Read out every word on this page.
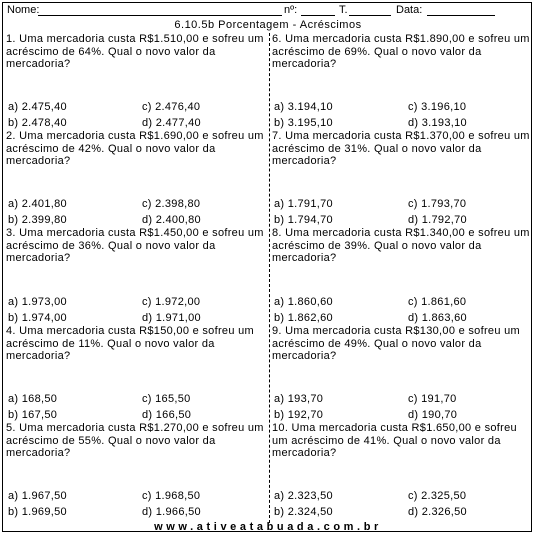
Nome:	nº:	T.	Data:
6.10.5b Porcentagem - Acréscimos
1. Uma mercadoria custa R$1.510,00 e sofreu um acréscimo de 64%. Qual o novo valor da mercadoria?
a) 2.475,40
b) 2.478,40
c) 2.476,40
d) 2.477,40
2. Uma mercadoria custa R$1.690,00 e sofreu um acréscimo de 42%. Qual o novo valor da mercadoria?
a) 2.401,80
b) 2.399,80
c) 2.398,80
d) 2.400,80
3. Uma mercadoria custa R$1.450,00 e sofreu um acréscimo de 36%. Qual o novo valor da mercadoria?
a) 1.973,00
b) 1.974,00
c) 1.972,00
d) 1.971,00
4. Uma mercadoria custa R$150,00 e sofreu um acréscimo de 11%. Qual o novo valor da mercadoria?
a) 168,50
b) 167,50
c) 165,50
d) 166,50
5. Uma mercadoria custa R$1.270,00 e sofreu um acréscimo de 55%. Qual o novo valor da mercadoria?
a) 1.967,50
b) 1.969,50
c) 1.968,50
d) 1.966,50
6. Uma mercadoria custa R$1.890,00 e sofreu um acréscimo de 69%. Qual o novo valor da mercadoria?
a) 3.194,10
b) 3.195,10
c) 3.196,10
d) 3.193,10
7. Uma mercadoria custa R$1.370,00 e sofreu um acréscimo de 31%. Qual o novo valor da mercadoria?
a) 1.791,70
b) 1.794,70
c) 1.793,70
d) 1.792,70
8. Uma mercadoria custa R$1.340,00 e sofreu um acréscimo de 39%. Qual o novo valor da mercadoria?
a) 1.860,60
b) 1.862,60
c) 1.861,60
d) 1.863,60
9. Uma mercadoria custa R$130,00 e sofreu um acréscimo de 49%. Qual o novo valor da mercadoria?
a) 193,70
b) 192,70
c) 191,70
d) 190,70
10. Uma mercadoria custa R$1.650,00 e sofreu um acréscimo de 41%. Qual o novo valor da mercadoria?
a) 2.323,50
b) 2.324,50
c) 2.325,50
d) 2.326,50
www.ativeatabuada.com.br
